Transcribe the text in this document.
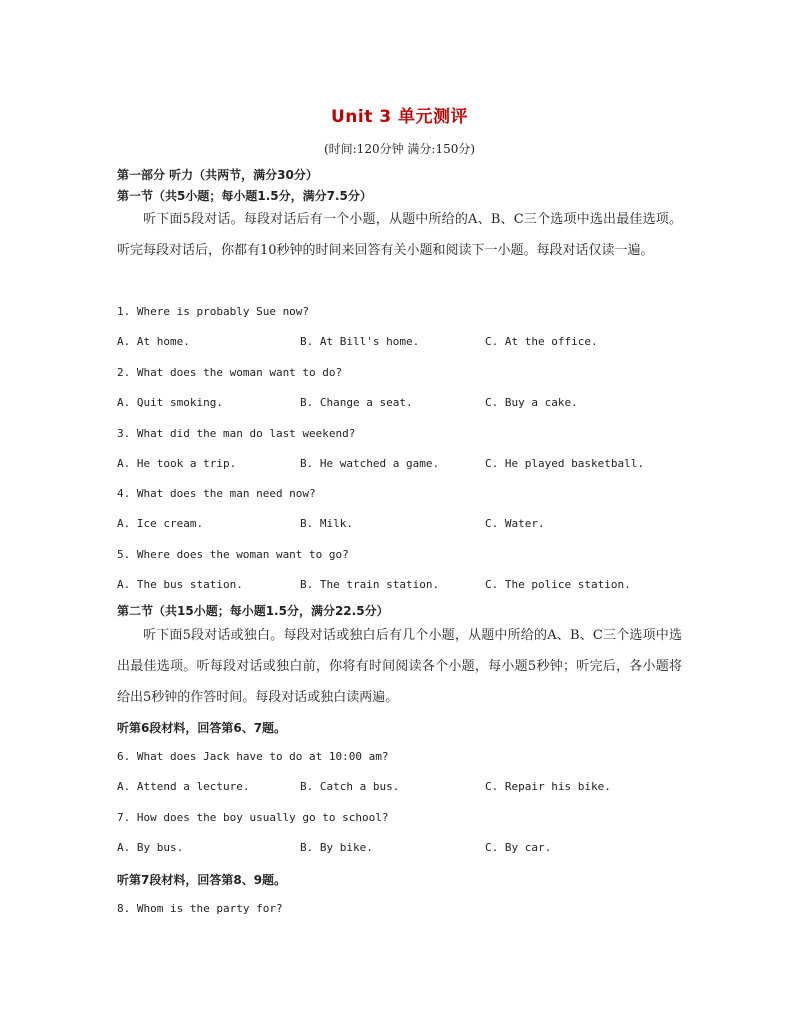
Unit 3 单元测评
(时间:120分钟 满分:150分)
第一部分 听力（共两节，满分30分）
第一节（共5小题；每小题1.5分，满分7.5分）
听下面5段对话。每段对话后有一个小题，从题中所给的A、B、C三个选项中选出最佳选项。听完每段对话后，你都有10秒钟的时间来回答有关小题和阅读下一小题。每段对话仅读一遍。
1. Where is probably Sue now?
A. At home.	B. At Bill's home.	C. At the office.
2. What does the woman want to do?
A. Quit smoking.	B. Change a seat.	C. Buy a cake.
3. What did the man do last weekend?
A. He took a trip.	B. He watched a game.	C. He played basketball.
4. What does the man need now?
A. Ice cream.	B. Milk.	C. Water.
5. Where does the woman want to go?
A. The bus station.	B. The train station.	C. The police station.
第二节（共15小题；每小题1.5分，满分22.5分）
听下面5段对话或独白。每段对话或独白后有几个小题，从题中所给的A、B、C三个选项中选出最佳选项。听每段对话或独白前，你将有时间阅读各个小题，每小题5秒钟；听完后，各小题将给出5秒钟的作答时间。每段对话或独白读两遍。
听第6段材料，回答第6、7题。
6. What does Jack have to do at 10:00 am?
A. Attend a lecture.	B. Catch a bus.	C. Repair his bike.
7. How does the boy usually go to school?
A. By bus.	B. By bike.	C. By car.
听第7段材料，回答第8、9题。
8. Whom is the party for?
